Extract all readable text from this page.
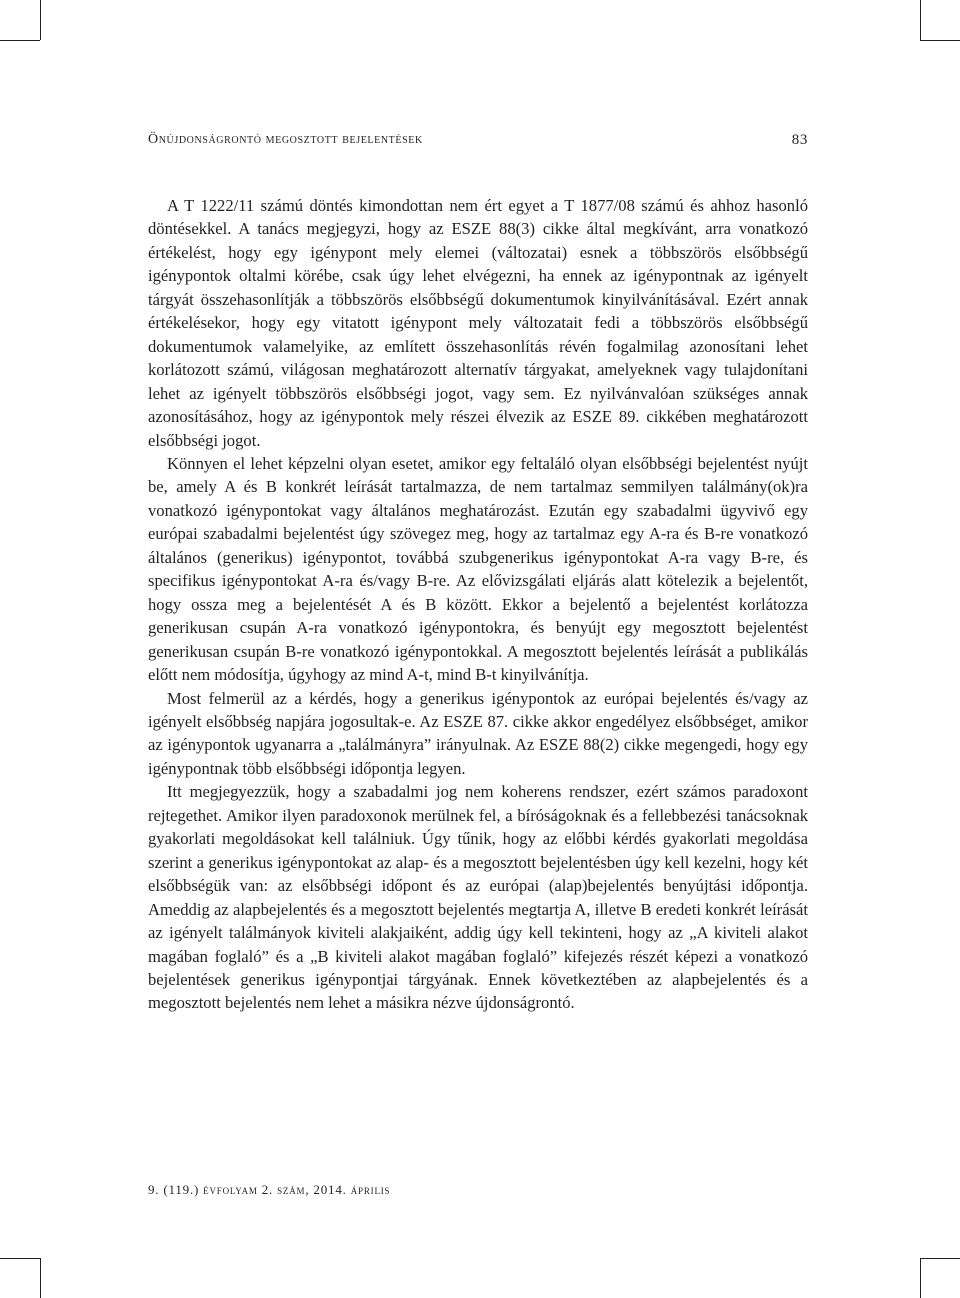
Önújdonságrontó megosztott bejelentések	83

A T 1222/11 számú döntés kimondottan nem ért egyet a T 1877/08 számú és ahhoz hasonló döntésekkel. A tanács megjegyzi, hogy az ESZE 88(3) cikke által megkívánt, arra vonatkozó értékelést, hogy egy igénypont mely elemei (változatai) esnek a többszörös elsőbbségű igénypontok oltalmi körébe, csak úgy lehet elvégezni, ha ennek az igénypontnak az igényelt tárgyát összehasonlítják a többszörös elsőbbségű dokumentumok kinyilvánításával. Ezért annak értékelésekor, hogy egy vitatott igénypont mely változatait fedi a többszörös elsőbbségű dokumentumok valamelyike, az említett összehasonlítás révén fogalmilag azonosítani lehet korlátozott számú, világosan meghatározott alternatív tárgyakat, amelyeknek vagy tulajdonítani lehet az igényelt többszörös elsőbbségi jogot, vagy sem. Ez nyilvánvalóan szükséges annak azonosításához, hogy az igénypontok mely részei élvezik az ESZE 89. cikkében meghatározott elsőbbségi jogot.

Könnyen el lehet képzelni olyan esetet, amikor egy feltaláló olyan elsőbbségi bejelentést nyújt be, amely A és B konkrét leírását tartalmazza, de nem tartalmaz semmilyen találmány(ok)ra vonatkozó igénypontokat vagy általános meghatározást. Ezután egy szabadalmi ügyvivő egy európai szabadalmi bejelentést úgy szövegez meg, hogy az tartalmaz egy A-ra és B-re vonatkozó általános (generikus) igénypontot, továbbá szubgenerikus igénypontokat A-ra vagy B-re, és specifikus igénypontokat A-ra és/vagy B-re. Az elővizsgálati eljárás alatt kötelezik a bejelentőt, hogy ossza meg a bejelentését A és B között. Ekkor a bejelentő a bejelentést korlátozza generikusan csupán A-ra vonatkozó igénypontokra, és benyújt egy megosztott bejelentést generikusan csupán B-re vonatkozó igénypontokkal. A megosztott bejelentés leírását a publikálás előtt nem módosítja, úgyhogy az mind A-t, mind B-t kinyilvánítja.

Most felmerül az a kérdés, hogy a generikus igénypontok az európai bejelentés és/vagy az igényelt elsőbbség napjára jogosultak-e. Az ESZE 87. cikke akkor engedélyez elsőbbséget, amikor az igénypontok ugyanarra a „találmányra” irányulnak. Az ESZE 88(2) cikke megengedi, hogy egy igénypontnak több elsőbbségi időpontja legyen.

Itt megjegyezzük, hogy a szabadalmi jog nem koherens rendszer, ezért számos paradoxont rejtegethet. Amikor ilyen paradoxonok merülnek fel, a bíróságoknak és a fellebbezési tanácsoknak gyakorlati megoldásokat kell találniuk. Úgy tűnik, hogy az előbbi kérdés gyakorlati megoldása szerint a generikus igénypontokat az alap- és a megosztott bejelentésben úgy kell kezelni, hogy két elsőbbségük van: az elsőbbségi időpont és az európai (alap)bejelentés benyújtási időpontja. Ameddig az alapbejelentés és a megosztott bejelentés megtartja A, illetve B eredeti konkrét leírását az igényelt találmányok kiviteli alakjaiként, addig úgy kell tekinteni, hogy az „A kiviteli alakot magában foglaló” és a „B kiviteli alakot magában foglaló” kifejezés részét képezi a vonatkozó bejelentések generikus igénypontjai tárgyának. Ennek következtében az alapbejelentés és a megosztott bejelentés nem lehet a másikra nézve újdonságrontó.

9. (119.) évfolyam 2. szám, 2014. április
